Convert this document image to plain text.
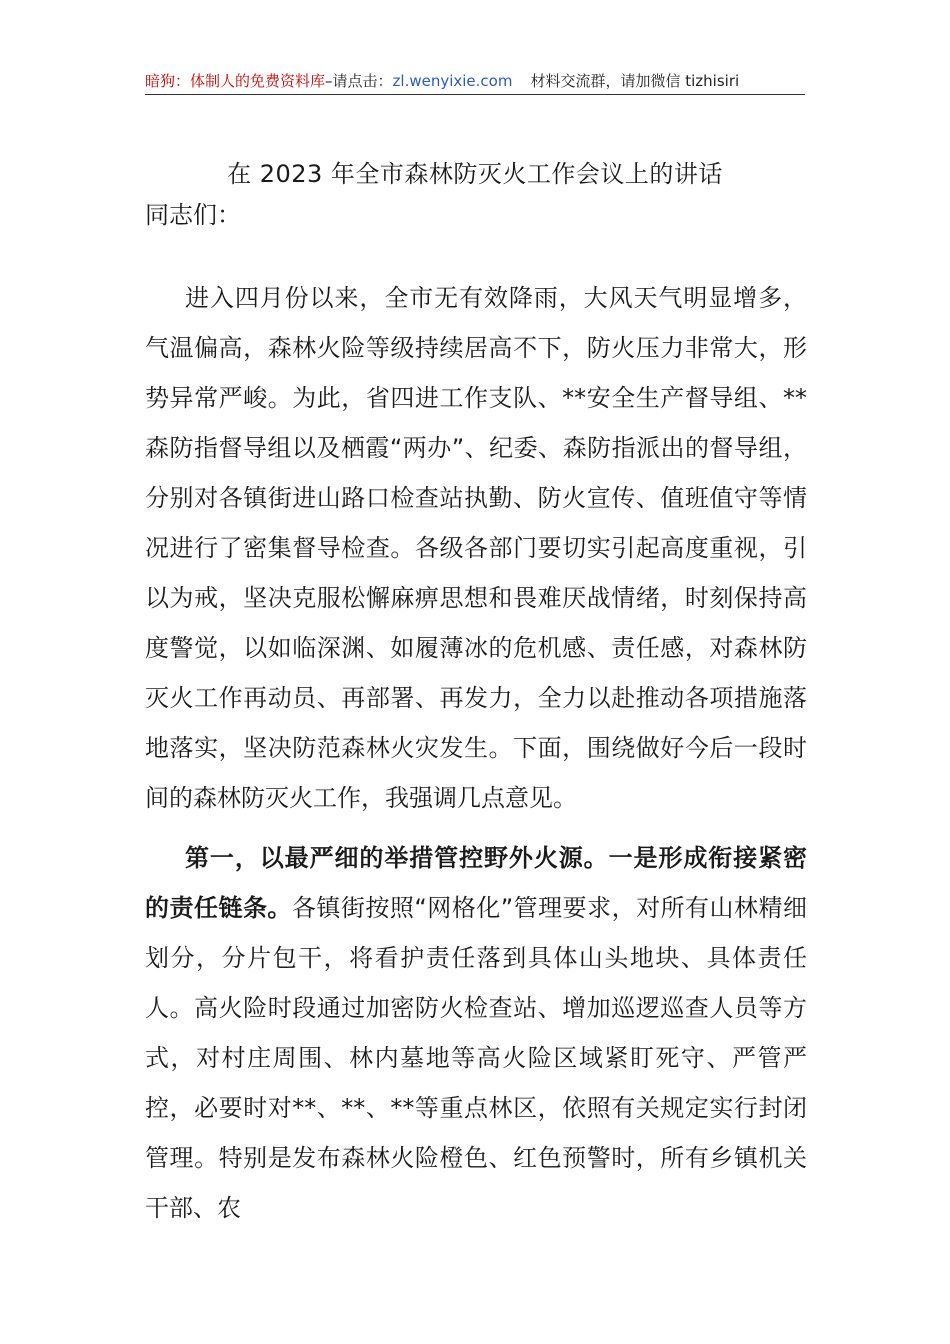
暗狗：体制人的免费资料库–请点击：zl.wenyixie.com 材料交流群，请加微信 tizhisiri
在 2023 年全市森林防灭火工作会议上的讲话
同志们：
进入四月份以来，全市无有效降雨，大风天气明显增多，气温偏高，森林火险等级持续居高不下，防火压力非常大，形势异常严峻。为此，省四进工作支队、**安全生产督导组、**森防指督导组以及栖霞“两办”、纪委、森防指派出的督导组，分别对各镇街进山路口检查站执勤、防火宣传、值班值守等情况进行了密集督导检查。各级各部门要切实引起高度重视，引以为戒，坚决克服松懈麻痹思想和畏难厌战情绪，时刻保持高度警觉，以如临深渊、如履薄冰的危机感、责任感，对森林防灭火工作再动员、再部署、再发力，全力以赴推动各项措施落地落实，坚决防范森林火灾发生。下面，围绕做好今后一段时间的森林防灭火工作，我强调几点意见。
第一，以最严细的举措管控野外火源。一是形成衔接紧密的责任链条。各镇街按照“网格化”管理要求，对所有山林精细划分，分片包干，将看护责任落到具体山头地块、具体责任人。高火险时段通过加密防火检查站、增加巡逻巡查人员等方式，对村庄周围、林内墓地等高火险区域紧盯死守、严管严控，必要时对**、**、**等重点林区，依照有关规定实行封闭管理。特别是发布森林火险橙色、红色预警时，所有乡镇机关干部、农
